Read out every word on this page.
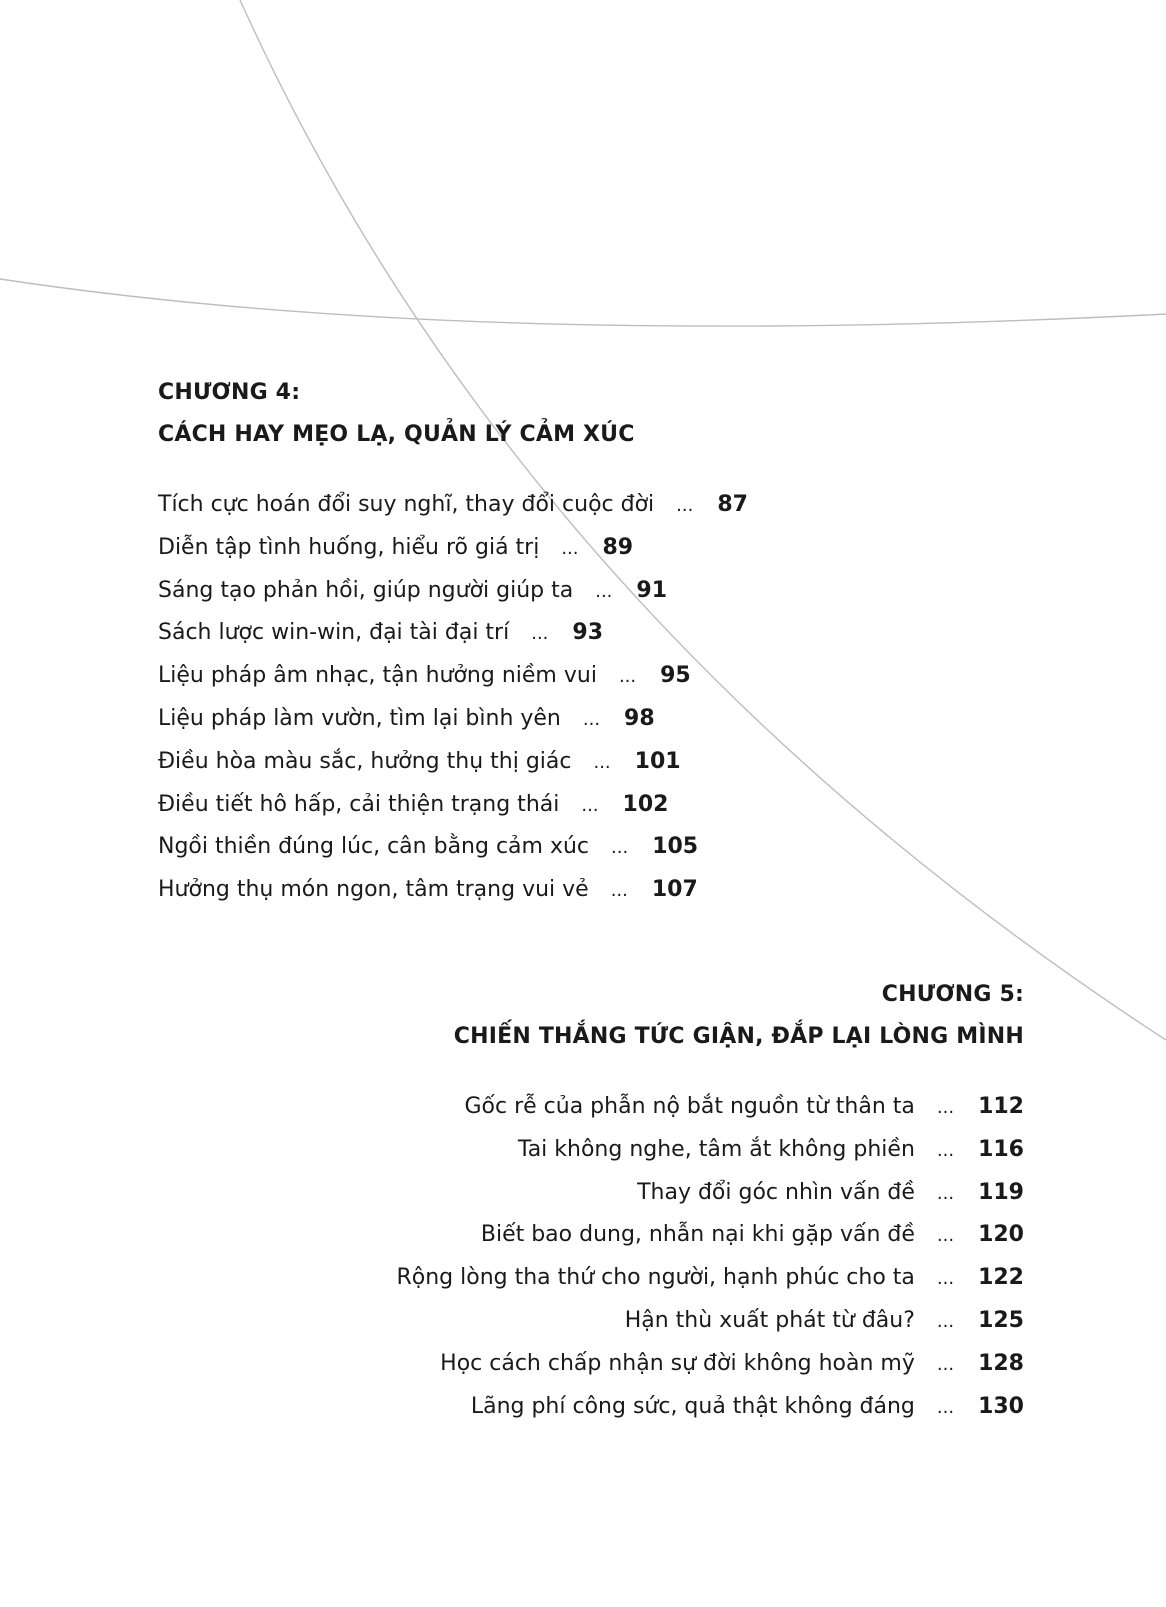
CHƯƠNG 4:
CÁCH HAY MẸO LẠ, QUẢN LÝ CẢM XÚC
Tích cực hoán đổi suy nghĩ, thay đổi cuộc đời ... 87
Diễn tập tình huống, hiểu rõ giá trị ... 89
Sáng tạo phản hồi, giúp người giúp ta ... 91
Sách lược win-win, đại tài đại trí ... 93
Liệu pháp âm nhạc, tận hưởng niềm vui ... 95
Liệu pháp làm vườn, tìm lại bình yên ... 98
Điều hòa màu sắc, hưởng thụ thị giác ... 101
Điều tiết hô hấp, cải thiện trạng thái ... 102
Ngồi thiền đúng lúc, cân bằng cảm xúc ... 105
Hưởng thụ món ngon, tâm trạng vui vẻ ... 107
CHƯƠNG 5:
CHIẾN THẮNG TỨC GIẬN, ĐẮP LẠI LÒNG MÌNH
Gốc rễ của phẫn nộ bắt nguồn từ thân ta ... 112
Tai không nghe, tâm ắt không phiền ... 116
Thay đổi góc nhìn vấn đề ... 119
Biết bao dung, nhẫn nại khi gặp vấn đề ... 120
Rộng lòng tha thứ cho người, hạnh phúc cho ta ... 122
Hận thù xuất phát từ đâu? ... 125
Học cách chấp nhận sự đời không hoàn mỹ ... 128
Lãng phí công sức, quả thật không đáng ... 130
